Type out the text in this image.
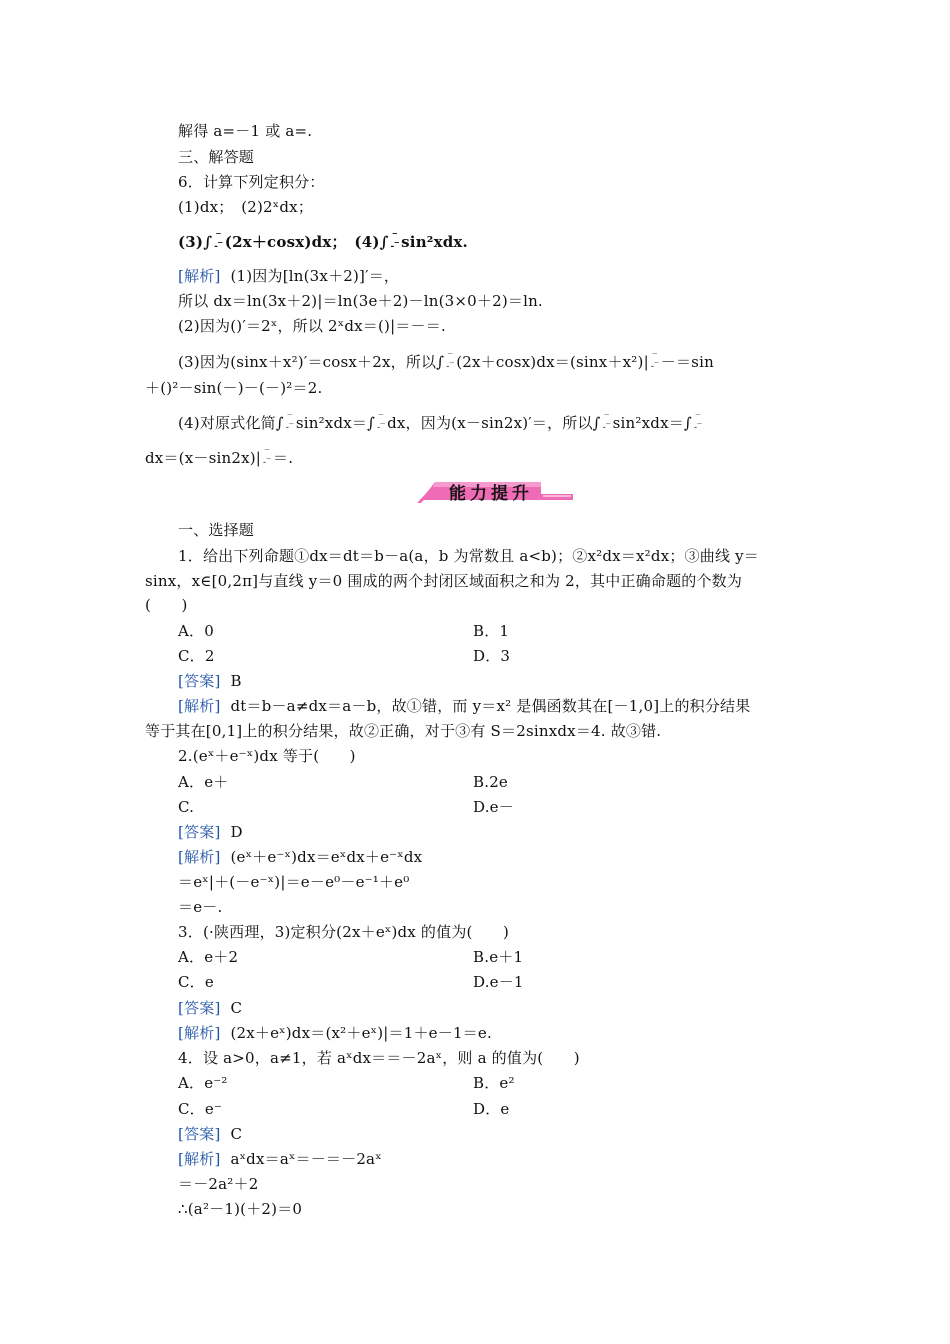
解得 a=－1 或 a=.
三、解答题
6．计算下列定积分：
(1)dx；　(2)2ˣdx；
(3)∫ ‾
-‾ (2x＋cosx)dx；　(4)∫ ‾
-‾ sin²xdx.
[解析] (1)因为[ln(3x＋2)]′＝，
所以 dx＝ln(3x＋2)|＝ln(3e＋2)－ln(3×0＋2)＝ln.
(2)因为()′＝2ˣ，所以 2ˣdx＝()|＝－＝.
(3)因为(sinx＋x²)′＝cosx＋2x，所以∫ ‾
-‾ (2x＋cosx)dx＝(sinx＋x²)| ‾
-‾ －＝sin
＋()²－sin(－)－(－)²＝2.
(4)对原式化简∫ ‾
-‾ sin²xdx＝∫ ‾
-‾ dx，因为(x－sin2x)′＝，所以∫ ‾
-‾ sin²xdx＝∫ ‾
-‾
dx＝(x－sin2x)| ‾
-‾ ＝.
能力提升
一、选择题
1．给出下列命题①dx＝dt＝b－a(a，b 为常数且 a<b)；②x²dx＝x²dx；③曲线 y＝
sinx，x∈[0,2π]与直线 y＝0 围成的两个封闭区域面积之和为 2，其中正确命题的个数为
(　　)
A．0	B．1
C．2	D．3
[答案] B
[解析] dt＝b－a≠dx＝a－b，故①错，而 y＝x² 是偶函数其在[－1,0]上的积分结果
等于其在[0,1]上的积分结果，故②正确，对于③有 S＝2sinxdx＝4. 故③错.
2.(eˣ＋e⁻ˣ)dx 等于(　　)
A．e＋	B.2e
C.	D.e－
[答案] D
[解析] (eˣ＋e⁻ˣ)dx＝eˣdx＋e⁻ˣdx
＝eˣ|＋(－e⁻ˣ)|＝e－e⁰－e⁻¹＋e⁰
＝e－.
3．(·陕西理，3)定积分(2x＋eˣ)dx 的值为(　　)
A．e＋2	B.e＋1
C．e	D.e－1
[答案] C
[解析] (2x＋eˣ)dx＝(x²＋eˣ)|＝1＋e－1＝e.
4．设 a>0，a≠1，若 aˣdx＝＝－2aˣ，则 a 的值为(　　)
A．e⁻²	B．e²
C．e⁻	D．e
[答案] C
[解析] aˣdx＝aˣ＝－＝－2aˣ
＝－2a²＋2
∴(a²－1)(＋2)＝0
